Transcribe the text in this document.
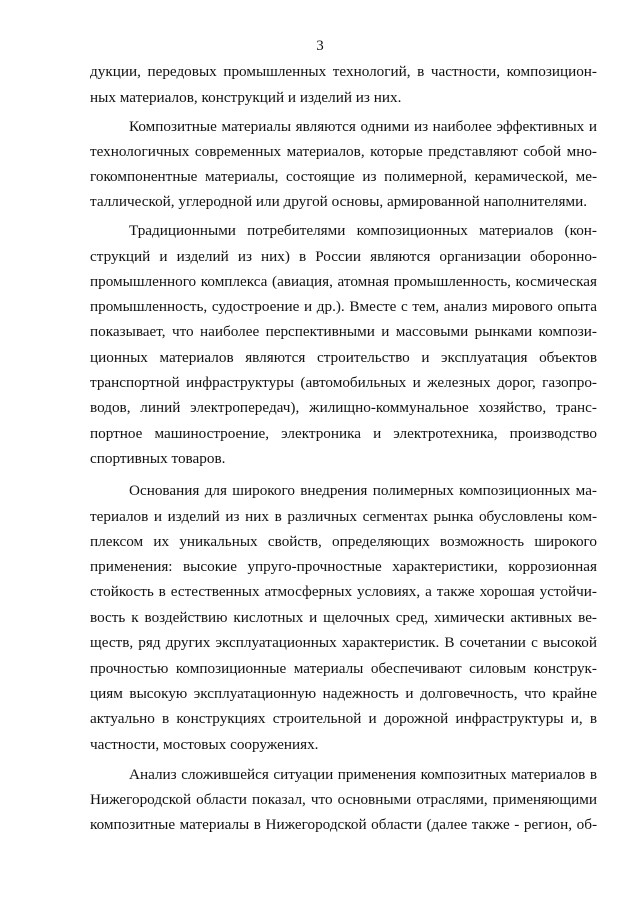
3
дукции, передовых промышленных технологий, в частности, композицион-
ных материалов, конструкций и изделий из них.
Композитные материалы являются одними из наиболее эффективных и
технологичных современных материалов, которые представляют собой мно-
гокомпонентные материалы, состоящие из полимерной, керамической, ме-
таллической, углеродной или другой основы, армированной наполнителями.
Традиционными потребителями композиционных материалов (кон-
струкций и изделий из них) в России являются организации оборонно-
промышленного комплекса (авиация, атомная промышленность, космическая
промышленность, судостроение и др.). Вместе с тем, анализ мирового опыта
показывает, что наиболее перспективными и массовыми рынками компози-
ционных материалов являются строительство и эксплуатация объектов
транспортной инфраструктуры (автомобильных и железных дорог, газопро-
водов, линий электропередач), жилищно-коммунальное хозяйство, транс-
портное машиностроение, электроника и электротехника, производство
спортивных товаров.
Основания для широкого внедрения полимерных композиционных ма-
териалов и изделий из них в различных сегментах рынка обусловлены ком-
плексом их уникальных свойств, определяющих возможность широкого
применения: высокие упруго-прочностные характеристики, коррозионная
стойкость в естественных атмосферных условиях, а также хорошая устойчи-
вость к воздействию кислотных и щелочных сред, химически активных ве-
ществ, ряд других эксплуатационных характеристик. В сочетании с высокой
прочностью композиционные материалы обеспечивают силовым конструк-
циям высокую эксплуатационную надежность и долговечность, что крайне
актуально в конструкциях строительной и дорожной инфраструктуры и, в
частности, мостовых сооружениях.
Анализ сложившейся ситуации применения композитных материалов в
Нижегородской области показал, что основными отраслями, применяющими
композитные материалы в Нижегородской области (далее также - регион, об-
